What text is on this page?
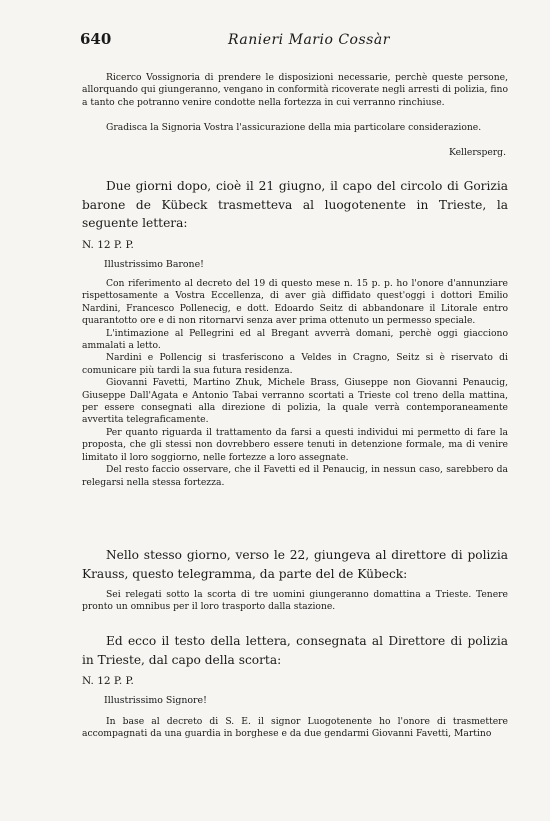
640	Ranieri Mario Cossàr
Ricerco Vossignoria di prendere le disposizioni necessarie, perchè queste persone, allorquando qui giungeranno, vengano in conformità ricoverate negli arresti di polizia, fino a tanto che potranno venire condotte nella fortezza in cui verranno rinchiuse.
Gradisca la Signoria Vostra l'assicurazione della mia particolare considerazione.
Kellersperg.
Due giorni dopo, cioè il 21 giugno, il capo del circolo di Gorizia barone de Kübeck trasmetteva al luogotenente in Trieste, la seguente lettera:
N. 12 P. P.
Illustrissimo Barone!

Con riferimento al decreto del 19 di questo mese n. 15 p. p. ho l'onore d'annunziare rispettosamente a Vostra Eccellenza, di aver già diffidato quest'oggi i dottori Emilio Nardini, Francesco Pollenecig, e dott. Edoardo Seitz di abbandonare il Litorale entro quarantotto ore e di non ritornarvi senza aver prima ottenuto un permesso speciale.

L'intimazione al Pellegrini ed al Bregant avverrà domani, perchè oggi giacciono ammalati a letto.

Nardini e Pollencig si trasferiscono a Veldes in Cragno, Seitz si è riservato di comunicare più tardi la sua futura residenza.

Giovanni Favetti, Martino Zhuk, Michele Brass, Giuseppe non Giovanni Penaucig, Giuseppe Dall'Agata e Antonio Tabai verranno scortati a Trieste col treno della mattina, per essere consegnati alla direzione di polizia, la quale verrà contemporaneamente avvertita telegraficamente.

Per quanto riguarda il trattamento da farsi a questi individui mi permetto di fare la proposta, che gli stessi non dovrebbero essere tenuti in detenzione formale, ma di venire limitato il loro soggiorno, nelle fortezze a loro assegnate.

Del resto faccio osservare, che il Favetti ed il Penaucig, in nessun caso, sarebbero da relegarsi nella stessa fortezza.

Nello stesso giorno, verso le 22, giungeva al direttore di polizia Krauss, questo telegramma, da parte del de Kübeck:
Sei relegati sotto la scorta di tre uomini giungeranno domattina a Trieste. Tenere pronto un omnibus per il loro trasporto dalla stazione.
Ed ecco il testo della lettera, consegnata al Direttore di polizia in Trieste, dal capo della scorta:
N. 12 P. P.
Illustrissimo Signore!
In base al decreto di S. E. il signor Luogotenente ho l'onore di trasmettere accompagnati da una guardia in borghese e da due gendarmi Giovanni Favetti, Martino
